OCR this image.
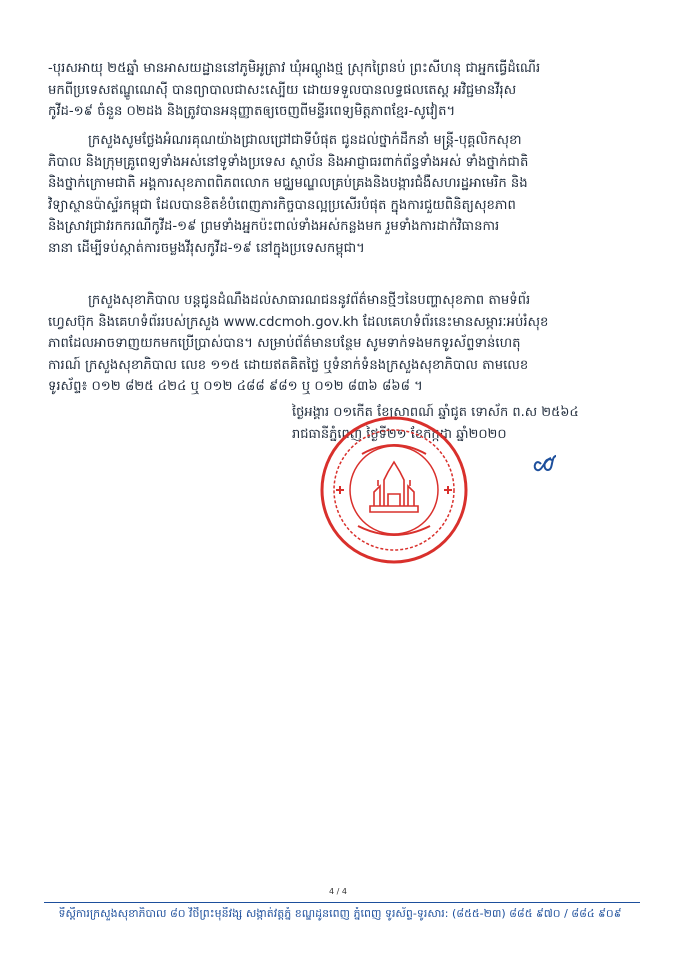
-បុរសអាយុ ២៥ឆ្នាំ មានអាសយដ្ឋាននៅភូមិអូត្រាវ ឃុំអណ្ដូងថ្ម ស្រុកព្រៃនប់ ព្រះសីហនុ ជាអ្នកធ្វើដំណើរ
មកពីប្រទេសឥណ្ឌូណេស៊ី បានព្យាបាលជាសះស្បើយ ដោយទទួលបានលទ្ធផលតេស្ត អវិជ្ជមានវីរុស
កូវីដ-១៩ ចំនួន ០២ដង និងត្រូវបានអនុញ្ញាតឲ្យចេញពីមន្ទីរពេទ្យមិត្តភាពខ្មែរ-សូវៀត។

ក្រសួងសូមថ្លែងអំណរគុណយ៉ាងជ្រាលជ្រៅជាទីបំផុត ជូនដល់ថ្នាក់ដឹកនាំ មន្ត្រី-បុគ្គលិកសុខា
ភិបាល និងក្រុមគ្រូពេទ្យទាំងអស់នៅទូទាំងប្រទេស ស្ថាប័ន និងអាជ្ញាធរពាក់ព័ន្ធទាំងអស់ ទាំងថ្នាក់ជាតិ
និងថ្នាក់ក្រោមជាតិ អង្គការសុខភាពពិភពលោក មជ្ឈមណ្ឌលគ្រប់គ្រងនិងបង្ការជំងឺសហរដ្ឋអាមេរិក និង
វិទ្យាស្ថានប៉ាស្ទ័រកម្ពុជា ដែលបានខិតខំបំពេញភារកិច្ចបានល្អប្រសើរបំផុត ក្នុងការជួយពិនិត្យសុខភាព
និងស្រាវជ្រាវរកករណីកូវីដ-១៩ ព្រមទាំងអ្នកប៉ះពាល់ទាំងអស់កន្លងមក រួមទាំងការដាក់វិធានការ
នានា ដើម្បីទប់ស្កាត់ការចម្លងវីរុសកូវីដ-១៩ នៅក្នុងប្រទេសកម្ពុជា។

ក្រសួងសុខាភិបាល បន្តជូនដំណឹងដល់សាធារណជននូវព័ត៌មានថ្មីៗនៃបញ្ហាសុខភាព តាមទំព័រ
ហ្វេសប៊ុក និងគេហទំព័ររបស់ក្រសួង www.cdcmoh.gov.kh ដែលគេហទំព័រនេះមានសម្ភារៈអប់រំសុខ
ភាពដែលអាចទាញយកមកប្រើប្រាស់បាន។ សម្រាប់ព័ត៌មានបន្ថែម សូមទាក់ទងមកទូរស័ព្ទទាន់ហេតុ
ការណ៍ ក្រសួងសុខាភិបាល លេខ ១១៥ ដោយឥតគិតថ្លៃ ឬទំនាក់ទំនងក្រសួងសុខាភិបាល តាមលេខ
ទូរស័ព្ទ៖ ០១២ ៨២៥ ៤២៤ ឬ ០១២ ៤៨៨ ៩៨១ ឬ ០១២ ៨៣៦ ៨៦៨ ។

ថ្ងៃអង្គារ ០១កើត ខែស្រាពណ៍ ឆ្នាំជូត ទោស័ក ព.ស ២៥៦៤
រាជធានីភ្នំពេញ ថ្ងៃទី២១ ខែកក្កដា ឆ្នាំ២០២០
4 / 4
ទីស្តីការក្រសួងសុខាភិបាល ៨០ វិថីព្រះមុនីវង្ស សង្កាត់វត្តភ្នំ ខណ្ឌដូនពេញ ភ្នំពេញ ទូរស័ព្ទ-ទូរសារ: (៨៥៥-២៣) ៨៨៥ ៩៧០ / ៨៨៤ ៩០៩
